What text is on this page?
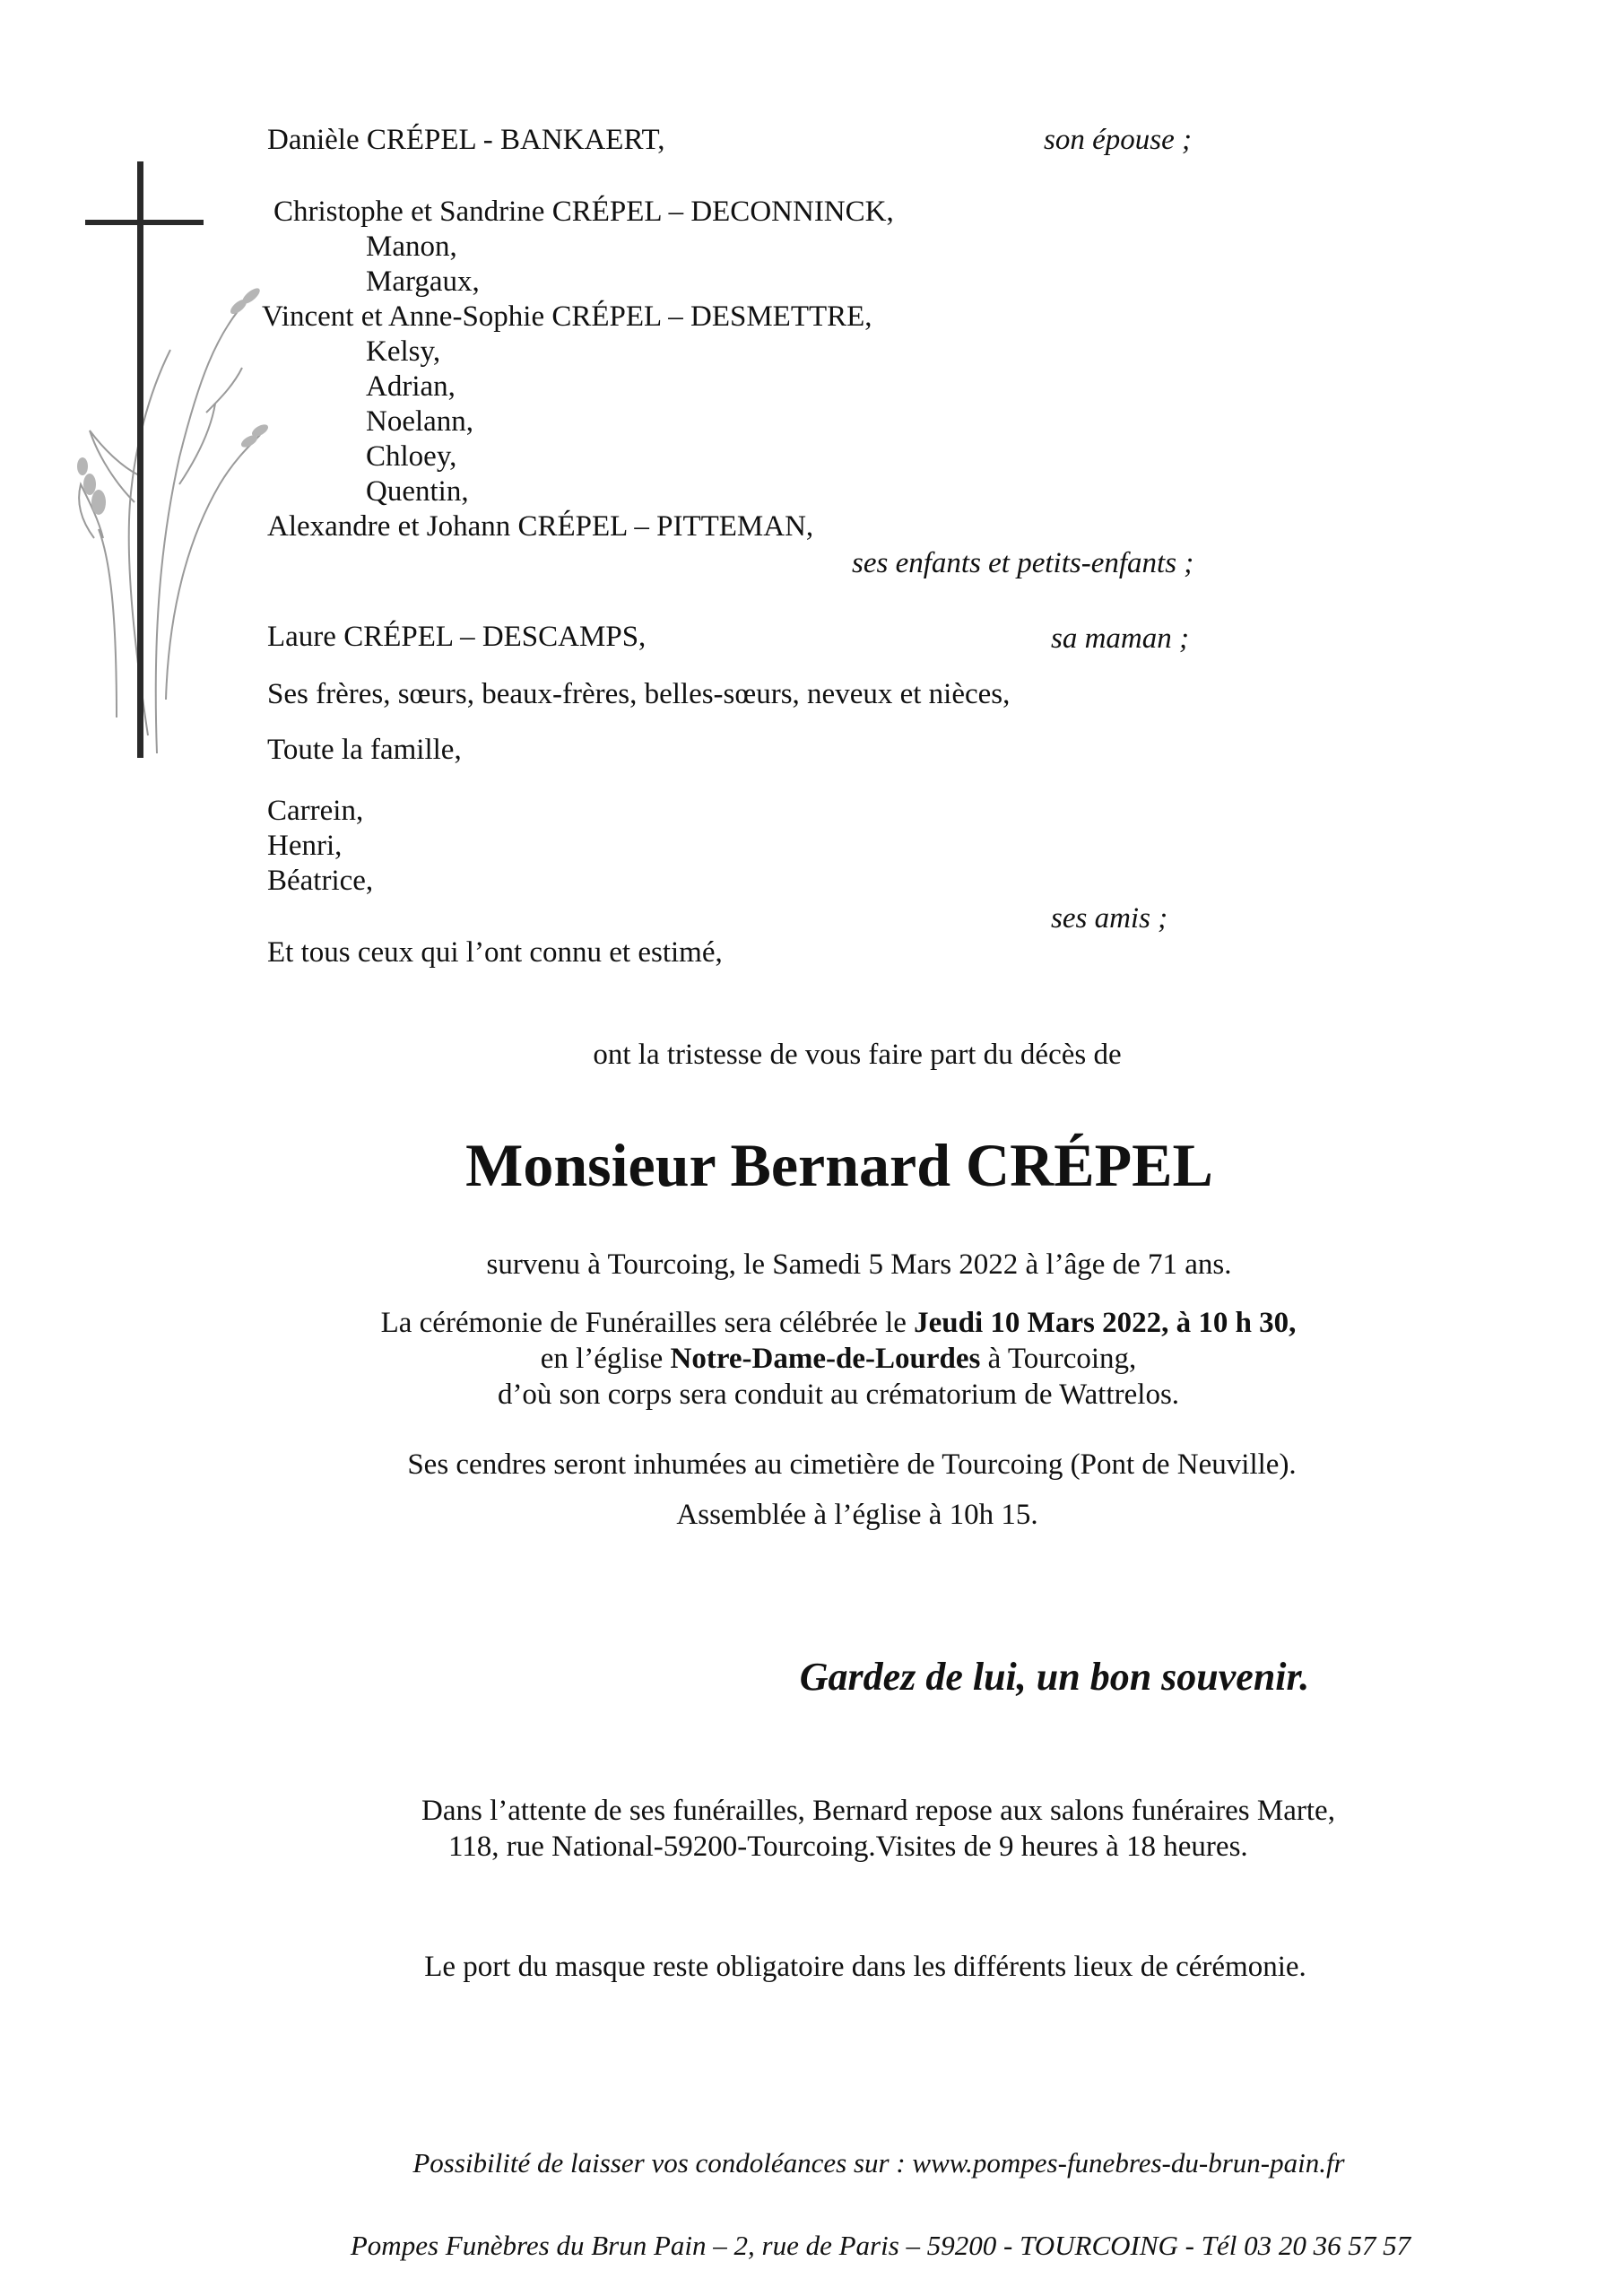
Danièle CRÉPEL - BANKAERT,	son épouse ;
Christophe et Sandrine CRÉPEL – DECONNINCK,
Manon,
Margaux,
Vincent et Anne-Sophie CRÉPEL – DESMETTRE,
Kelsy,
Adrian,
Noelann,
Chloey,
Quentin,
Alexandre et Johann CRÉPEL – PITTEMAN,
ses enfants et petits-enfants ;
Laure CRÉPEL – DESCAMPS,	sa maman ;
Ses frères, sœurs, beaux-frères, belles-sœurs, neveux et nièces,
Toute la famille,
Carrein,
Henri,
Béatrice,
ses amis ;
Et tous ceux qui l’ont connu et estimé,
ont la tristesse de vous faire part du décès de
Monsieur Bernard CRÉPEL
survenu à Tourcoing, le Samedi 5 Mars 2022 à l’âge de 71 ans.
La cérémonie de Funérailles sera célébrée le Jeudi 10 Mars 2022, à 10 h 30,
en l’église Notre-Dame-de-Lourdes à Tourcoing,
d’où son corps sera conduit au crématorium de Wattrelos.
Ses cendres seront inhumées au cimetière de Tourcoing (Pont de Neuville).
Assemblée à l’église à 10h 15.
Gardez de lui, un bon souvenir.
Dans l’attente de ses funérailles, Bernard repose aux salons funéraires Marte,
118, rue National-59200-Tourcoing.Visites de 9 heures à 18 heures.
Le port du masque reste obligatoire dans les différents lieux de cérémonie.
Possibilité de laisser vos condoléances sur : www.pompes-funebres-du-brun-pain.fr
Pompes Funèbres du Brun Pain – 2, rue de Paris – 59200 - TOURCOING - Tél 03 20 36 57 57
